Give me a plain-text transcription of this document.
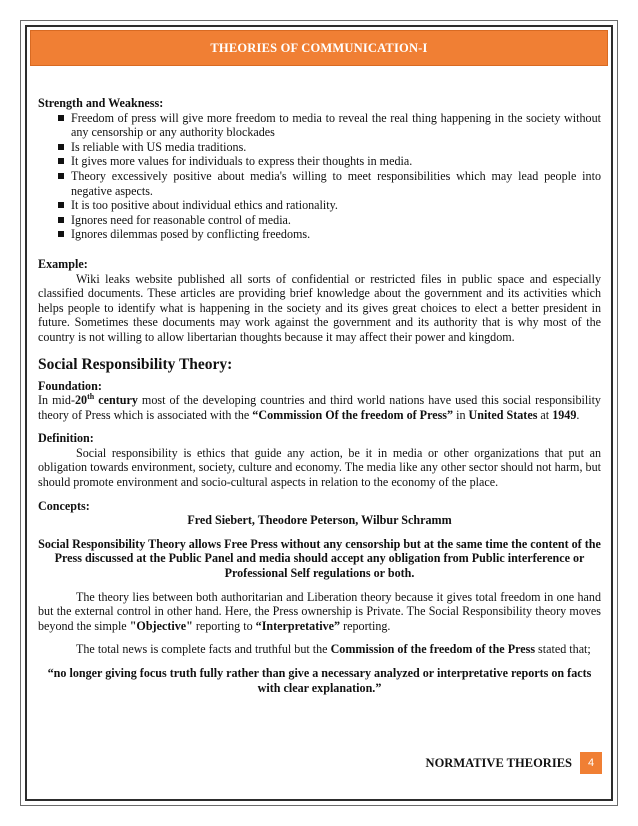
THEORIES OF COMMUNICATION-I

Strength and Weakness:

Freedom of press will give more freedom to media to reveal the real thing happening in the society without any censorship or any authority blockades
Is reliable with US media traditions.
It gives more values for individuals to express their thoughts in media.
Theory excessively positive about media's willing to meet responsibilities which may lead people into negative aspects.
It is too positive about individual ethics and rationality.
Ignores need for reasonable control of media.
Ignores dilemmas posed by conflicting freedoms.

Example:

Wiki leaks website published all sorts of confidential or restricted files in public space and especially classified documents. These articles are providing brief knowledge about the government and its activities which helps people to identify what is happening in the society and its gives great choices to elect a better president in future. Sometimes these documents may work against the government and its authority that is why most of the country is not willing to allow libertarian thoughts because it may affect their power and kingdom.

Social Responsibility Theory:

Foundation:

In mid-20th century most of the developing countries and third world nations have used this social responsibility theory of Press which is associated with the “Commission Of the freedom of Press” in United States at 1949.

Definition:

Social responsibility is ethics that guide any action, be it in media or other organizations that put an obligation towards environment, society, culture and economy. The media like any other sector should not harm, but should promote environment and socio-cultural aspects in relation to the economy of the place.

Concepts:

Fred Siebert, Theodore Peterson, Wilbur Schramm

Social Responsibility Theory allows Free Press without any censorship but at the same time the content of the Press discussed at the Public Panel and media should accept any obligation from Public interference or Professional Self regulations or both.

The theory lies between both authoritarian and Liberation theory because it gives total freedom in one hand but the external control in other hand. Here, the Press ownership is Private. The Social Responsibility theory moves beyond the simple "Objective" reporting to “Interpretative” reporting.

The total news is complete facts and truthful but the Commission of the freedom of the Press stated that;

“no longer giving focus truth fully rather than give a necessary analyzed or interpretative reports on facts with clear explanation.”

NORMATIVE THEORIES	4
